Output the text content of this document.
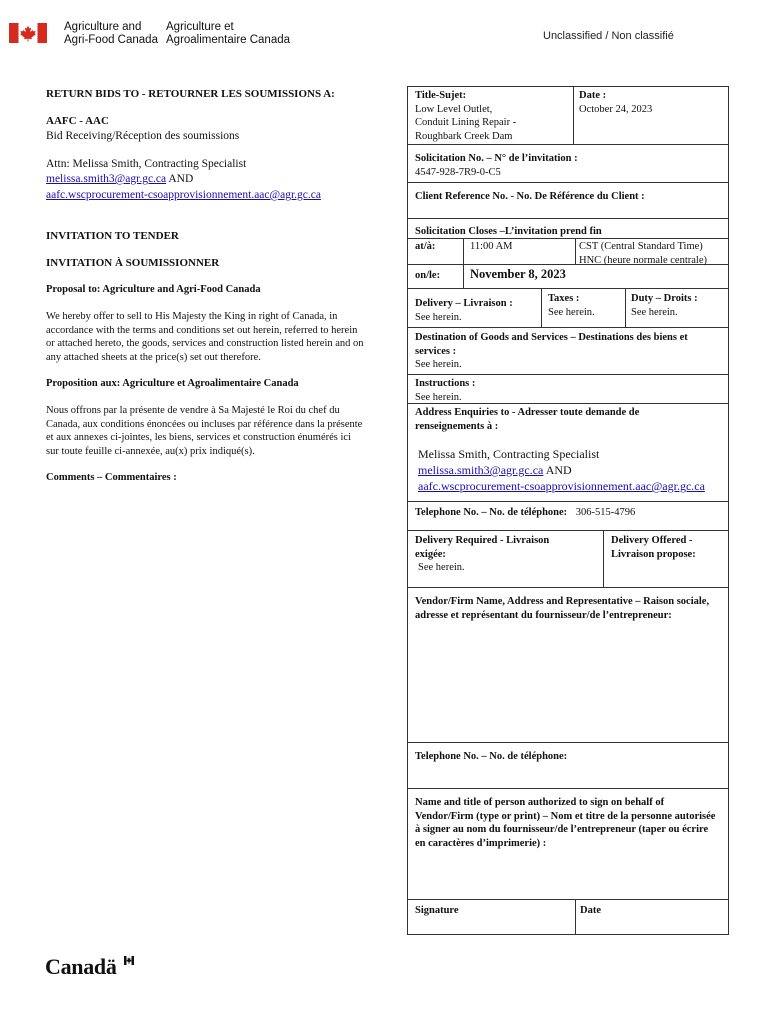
Agriculture and
Agri-Food Canada
Agriculture et
Agroalimentaire Canada	Unclassified / Non classifié
RETURN BIDS TO - RETOURNER LES SOUMISSIONS A:
AAFC - AAC
Bid Receiving/Réception des soumissions
Attn: Melissa Smith, Contracting Specialist
melissa.smith3@agr.gc.ca AND
aafc.wscprocurement-csoapprovisionnement.aac@agr.gc.ca
INVITATION TO TENDER
INVITATION À SOUMISSIONNER
Proposal to: Agriculture and Agri-Food Canada
We hereby offer to sell to His Majesty the King in right of Canada, in accordance with the terms and conditions set out herein, referred to herein or attached hereto, the goods, services and construction listed herein and on any attached sheets at the price(s) set out therefore.
Proposition aux: Agriculture et Agroalimentaire Canada
Nous offrons par la présente de vendre à Sa Majesté le Roi du chef du Canada, aux conditions énoncées ou incluses par référence dans la présente et aux annexes ci-jointes, les biens, services et construction énumérés ici sur toute feuille ci-annexée, au(x) prix indiqué(s).
Comments – Commentaires :
Title-Sujet:
Low Level Outlet,
Conduit Lining Repair -
Roughbark Creek Dam
Date :
October 24, 2023
Solicitation No. – N° de l’invitation :
4547-928-7R9-0-C5
Client Reference No. - No. De Référence du Client :
Solicitation Closes –L’invitation prend fin
at/à:	11:00 AM	CST (Central Standard Time)
HNC (heure normale centrale)
on/le: November 8, 2023
Delivery – Livraison :
See herein.
Taxes :
See herein.
Duty – Droits :
See herein.
Destination of Goods and Services – Destinations des biens et services :
See herein.
Instructions :
See herein.
Address Enquiries to - Adresser toute demande de renseignements à :
Melissa Smith, Contracting Specialist
melissa.smith3@agr.gc.ca AND
aafc.wscprocurement-csoapprovisionnement.aac@agr.gc.ca
Telephone No. – No. de téléphone: 306-515-4796
Delivery Required - Livraison exigée:
See herein.
Delivery Offered - Livraison propose:
Vendor/Firm Name, Address and Representative – Raison sociale, adresse et représentant du fournisseur/de l’entrepreneur:
Telephone No. – No. de téléphone:
Name and title of person authorized to sign on behalf of Vendor/Firm (type or print) – Nom et titre de la personne autorisée à signer au nom du fournisseur/de l’entrepreneur (taper ou écrire en caractères d’imprimerie) :
Signature	Date
Canadä
